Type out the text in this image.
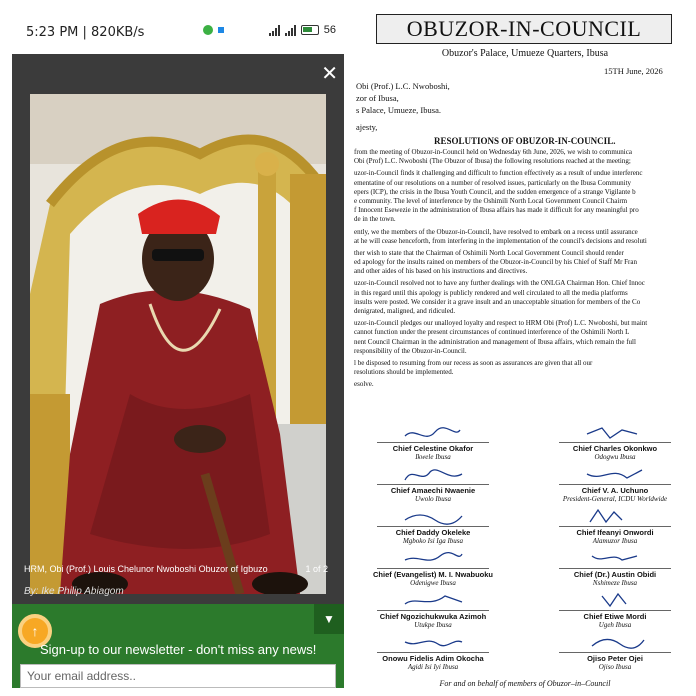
5:23 PM | 820KB/s	56
✕
HRM, Obi (Prof.) Louis Chelunor Nwoboshi Obuzor of Igbuzo	1 of 2
By: Ike Philip Abiagom
↑
▼
Sign-up to our newsletter - don't miss any news!
Your email address..
OBUZOR-IN-COUNCIL
Obuzor's Palace, Umueze Quarters, Ibusa
15TH June, 2026
Obi (Prof.) L.C. Nwoboshi,
zor of Ibusa,
s Palace, Umueze, Ibusa.
ajesty,
RESOLUTIONS OF OBUZOR-IN-COUNCIL.

from the meeting of Obuzor-in-Council held on Wednesday 6th June, 2026, we wish to communica
Obi (Prof) L.C. Nwoboshi (The Obuzor of Ibusa) the following resolutions reached at the meeting;

uzor-in-Council finds it challenging and difficult to function effectively as a result of undue interferenc
ementatine of our resolutions on a number of resolved issues, particularly on the Ibusa Community
epers (ICP), the crisis in the Ibusa Youth Council, and the sudden emergence of a strange Vigilante b
e community. The level of interference by the Oshimili North Local Government Council Chairm
f Innocent Esewezie in the administration of Ibusa affairs has made it difficult for any meaningful pro
de in the town.

ently, we the members of the Obuzor-in-Council, have resolved to embark on a recess until assurance
at he will cease henceforth, from interfering in the implementation of the council's decisions and resoluti

ther wish to state that the Chairman of Oshimili North Local Government Council should render
ed apology for the insults rained on members of the Obuzor-in-Council by his Chief of Staff Mr Fran
and other aides of his based on his instructions and directives.

uzor-in-Council resolved not to have any further dealings with the ONLGA Chairman Hon. Chief Innoc
in this regard until this apology is publicly rendered and well circulated to all the media platforms
insults were posted. We consider it a grave insult and an unacceptable situation for members of the Co
denigrated, maligned, and ridiculed.

uzor-in-Council pledges our unalloyed loyalty and respect to HRM Obi (Prof) L.C. Nwoboshi, but maint
cannot function under the present circumstances of continued interference of the Oshimili North L
nent Council Chairman in the administration and management of Ibusa affairs, which remain the full
responsibility of the Obuzor-in-Council.

l be disposed to resuming from our recess as soon as assurances are given that all our
resolutions should be implemented.

esolve.

Chief Celestine Okafor
Ikwele Ibusa
Chief Charles Okonkwo
Odogwu Ibusa
Chief Amaechi Nwaenie
Uwolo Ibusa
Chief V. A. Uchuno
President-General, ICDU Worldwide
Chief Daddy Okeleke
Mgboko Isi Iga Ibusa
Chief Ifeanyi Onwordi
Alamuzor Ibusa
Chief (Evangelist) M. I. Nwabuoku
Odenigwe Ibusa
Chief (Dr.) Austin Obidi
Nshimeze Ibusa
Chief Ngozichukwuka Azimoh
Utukpe Ibusa
Chief Etiwe Mordi
Ugeh Ibusa
Onowu Fidelis Adim Okocha
Agidi Isi Iyi Ibusa
Ojiso Peter Ojei
Ojiso Ibusa
For and on behalf of members of Obuzor–in–Council
